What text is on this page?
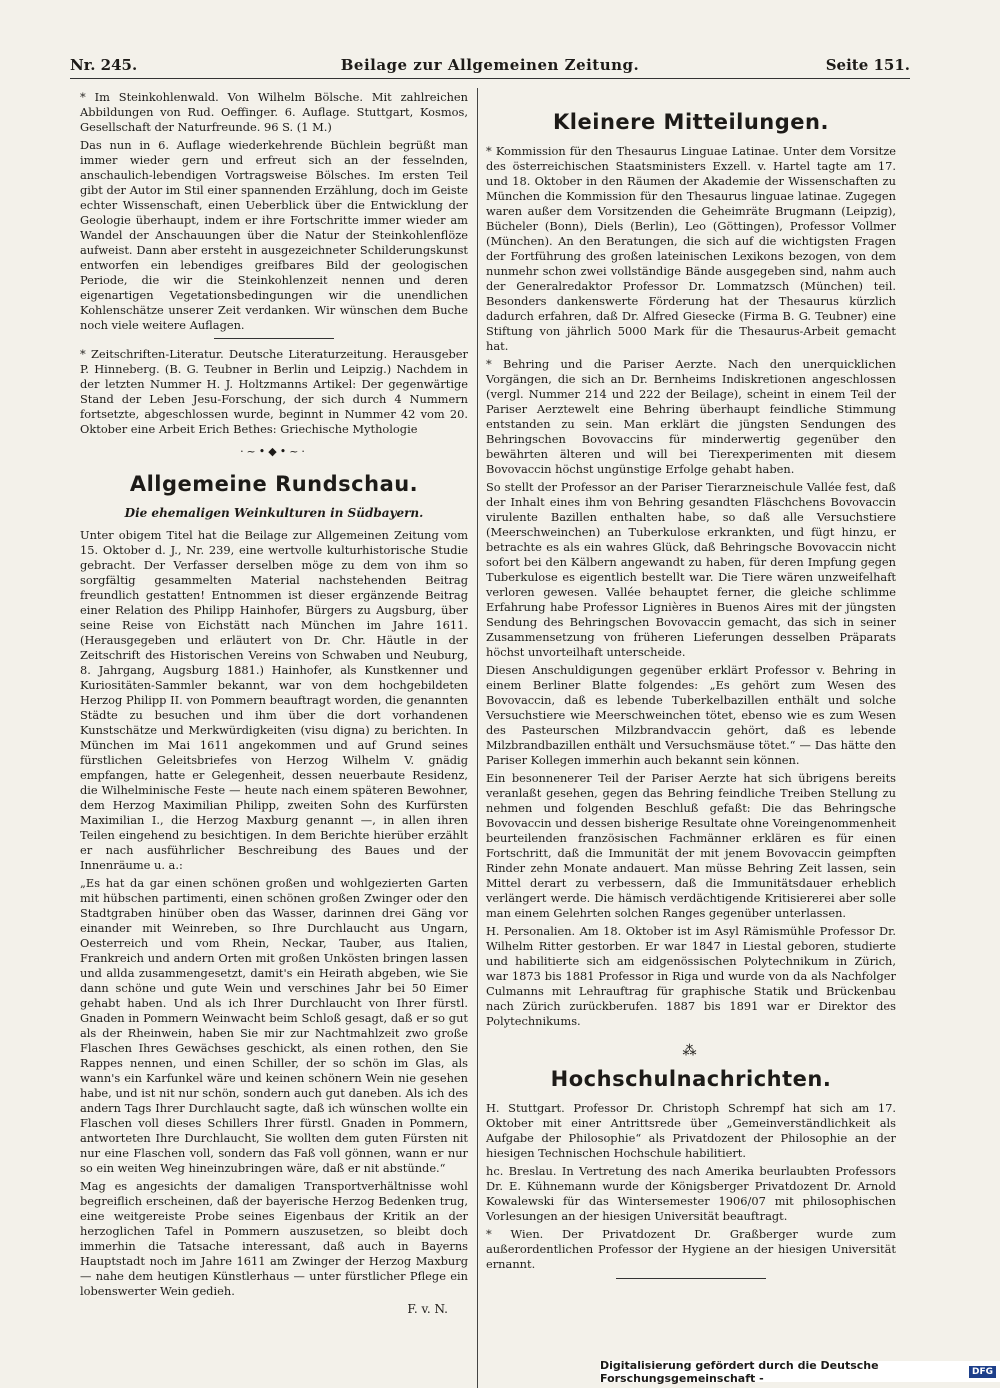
Nr. 245.	Beilage zur Allgemeinen Zeitung.	Seite 151.

* Im Steinkohlenwald. Von Wilhelm Bölsche. Mit zahlreichen Abbildungen von Rud. Oeffinger. 6. Auflage. Stuttgart, Kosmos, Gesellschaft der Naturfreunde. 96 S. (1 M.)

Das nun in 6. Auflage wiederkehrende Büchlein begrüßt man immer wieder gern und erfreut sich an der fesselnden, anschaulich-lebendigen Vortragsweise Bölsches. Im ersten Teil gibt der Autor im Stil einer spannenden Erzählung, doch im Geiste echter Wissenschaft, einen Ueberblick über die Entwicklung der Geologie überhaupt, indem er ihre Fortschritte immer wieder am Wandel der Anschauungen über die Natur der Steinkohlenflöze aufweist. Dann aber ersteht in ausgezeichneter Schilderungskunst entworfen ein lebendiges greifbares Bild der geologischen Periode, die wir die Steinkohlenzeit nennen und deren eigenartigen Vegetationsbedingungen wir die unendlichen Kohlenschätze unserer Zeit verdanken. Wir wünschen dem Buche noch viele weitere Auflagen.

* Zeitschriften-Literatur. Deutsche Literaturzeitung. Herausgeber P. Hinneberg. (B. G. Teubner in Berlin und Leipzig.) Nachdem in der letzten Nummer H. J. Holtzmanns Artikel: Der gegenwärtige Stand der Leben Jesu-Forschung, der sich durch 4 Nummern fortsetzte, abgeschlossen wurde, beginnt in Nummer 42 vom 20. Oktober eine Arbeit Erich Bethes: Griechische Mythologie

·~•◆•~·
Allgemeine Rundschau.
Die ehemaligen Weinkulturen in Südbayern.

Unter obigem Titel hat die Beilage zur Allgemeinen Zeitung vom 15. Oktober d. J., Nr. 239, eine wertvolle kulturhistorische Studie gebracht. Der Verfasser derselben möge zu dem von ihm so sorgfältig gesammelten Material nachstehenden Beitrag freundlich gestatten! Entnommen ist dieser ergänzende Beitrag einer Relation des Philipp Hainhofer, Bürgers zu Augsburg, über seine Reise von Eichstätt nach München im Jahre 1611. (Herausgegeben und erläutert von Dr. Chr. Häutle in der Zeitschrift des Historischen Vereins von Schwaben und Neuburg, 8. Jahrgang, Augsburg 1881.) Hainhofer, als Kunstkenner und Kuriositäten-Sammler bekannt, war von dem hochgebildeten Herzog Philipp II. von Pommern beauftragt worden, die genannten Städte zu besuchen und ihm über die dort vorhandenen Kunstschätze und Merkwürdigkeiten (visu digna) zu berichten. In München im Mai 1611 angekommen und auf Grund seines fürstlichen Geleitsbriefes von Herzog Wilhelm V. gnädig empfangen, hatte er Gelegenheit, dessen neuerbaute Residenz, die Wilhelminische Feste — heute nach einem späteren Bewohner, dem Herzog Maximilian Philipp, zweiten Sohn des Kurfürsten Maximilian I., die Herzog Maxburg genannt —, in allen ihren Teilen eingehend zu besichtigen. In dem Berichte hierüber erzählt er nach ausführlicher Beschreibung des Baues und der Innenräume u. a.:

„Es hat da gar einen schönen großen und wohlgezierten Garten mit hübschen partimenti, einen schönen großen Zwinger oder den Stadtgraben hinüber oben das Wasser, darinnen drei Gäng vor einander mit Weinreben, so Ihre Durchlaucht aus Ungarn, Oesterreich und vom Rhein, Neckar, Tauber, aus Italien, Frankreich und andern Orten mit großen Unkösten bringen lassen und allda zusammengesetzt, damit's ein Heirath abgeben, wie Sie dann schöne und gute Wein und verschines Jahr bei 50 Eimer gehabt haben. Und als ich Ihrer Durchlaucht von Ihrer fürstl. Gnaden in Pommern Weinwacht beim Schloß gesagt, daß er so gut als der Rheinwein, haben Sie mir zur Nachtmahlzeit zwo große Flaschen Ihres Gewächses geschickt, als einen rothen, den Sie Rappes nennen, und einen Schiller, der so schön im Glas, als wann's ein Karfunkel wäre und keinen schönern Wein nie gesehen habe, und ist nit nur schön, sondern auch gut daneben. Als ich des andern Tags Ihrer Durchlaucht sagte, daß ich wünschen wollte ein Flaschen voll dieses Schillers Ihrer fürstl. Gnaden in Pommern, antworteten Ihre Durchlaucht, Sie wollten dem guten Fürsten nit nur eine Flaschen voll, sondern das Faß voll gönnen, wann er nur so ein weiten Weg hineinzubringen wäre, daß er nit abstünde.“

Mag es angesichts der damaligen Transportverhältnisse wohl begreiflich erscheinen, daß der bayerische Herzog Bedenken trug, eine weitgereiste Probe seines Eigenbaus der Kritik an der herzoglichen Tafel in Pommern auszusetzen, so bleibt doch immerhin die Tatsache interessant, daß auch in Bayerns Hauptstadt noch im Jahre 1611 am Zwinger der Herzog Maxburg — nahe dem heutigen Künstlerhaus — unter fürstlicher Pflege ein lobenswerter Wein gedieh.

F. v. N.
Kleinere Mitteilungen.

* Kommission für den Thesaurus Linguae Latinae. Unter dem Vorsitze des österreichischen Staatsministers Exzell. v. Hartel tagte am 17. und 18. Oktober in den Räumen der Akademie der Wissenschaften zu München die Kommission für den Thesaurus linguae latinae. Zugegen waren außer dem Vorsitzenden die Geheimräte Brugmann (Leipzig), Bücheler (Bonn), Diels (Berlin), Leo (Göttingen), Professor Vollmer (München). An den Beratungen, die sich auf die wichtigsten Fragen der Fortführung des großen lateinischen Lexikons bezogen, von dem nunmehr schon zwei vollständige Bände ausgegeben sind, nahm auch der Generalredaktor Professor Dr. Lommatzsch (München) teil. Besonders dankenswerte Förderung hat der Thesaurus kürzlich dadurch erfahren, daß Dr. Alfred Giesecke (Firma B. G. Teubner) eine Stiftung von jährlich 5000 Mark für die Thesaurus-Arbeit gemacht hat.

* Behring und die Pariser Aerzte. Nach den unerquicklichen Vorgängen, die sich an Dr. Bernheims Indiskretionen angeschlossen (vergl. Nummer 214 und 222 der Beilage), scheint in einem Teil der Pariser Aerztewelt eine Behring überhaupt feindliche Stimmung entstanden zu sein. Man erklärt die jüngsten Sendungen des Behringschen Bovovaccins für minderwertig gegenüber den bewährten älteren und will bei Tierexperimenten mit diesem Bovovaccin höchst ungünstige Erfolge gehabt haben.

So stellt der Professor an der Pariser Tierarzneischule Vallée fest, daß der Inhalt eines ihm von Behring gesandten Fläschchens Bovovaccin virulente Bazillen enthalten habe, so daß alle Versuchstiere (Meerschweinchen) an Tuberkulose erkrankten, und fügt hinzu, er betrachte es als ein wahres Glück, daß Behringsche Bovovaccin nicht sofort bei den Kälbern angewandt zu haben, für deren Impfung gegen Tuberkulose es eigentlich bestellt war. Die Tiere wären unzweifelhaft verloren gewesen. Vallée behauptet ferner, die gleiche schlimme Erfahrung habe Professor Lignières in Buenos Aires mit der jüngsten Sendung des Behringschen Bovovaccin gemacht, das sich in seiner Zusammensetzung von früheren Lieferungen desselben Präparats höchst unvorteilhaft unterscheide.

Diesen Anschuldigungen gegenüber erklärt Professor v. Behring in einem Berliner Blatte folgendes: „Es gehört zum Wesen des Bovovaccin, daß es lebende Tuberkelbazillen enthält und solche Versuchstiere wie Meerschweinchen tötet, ebenso wie es zum Wesen des Pasteurschen Milzbrandvaccin gehört, daß es lebende Milzbrandbazillen enthält und Versuchsmäuse tötet.“ — Das hätte den Pariser Kollegen immerhin auch bekannt sein können.

Ein besonnenerer Teil der Pariser Aerzte hat sich übrigens bereits veranlaßt gesehen, gegen das Behring feindliche Treiben Stellung zu nehmen und folgenden Beschluß gefaßt: Die das Behringsche Bovovaccin und dessen bisherige Resultate ohne Voreingenommenheit beurteilenden französischen Fachmänner erklären es für einen Fortschritt, daß die Immunität der mit jenem Bovovaccin geimpften Rinder zehn Monate andauert. Man müsse Behring Zeit lassen, sein Mittel derart zu verbessern, daß die Immunitätsdauer erheblich verlängert werde. Die hämisch verdächtigende Kritisiererei aber solle man einem Gelehrten solchen Ranges gegenüber unterlassen.

H. Personalien. Am 18. Oktober ist im Asyl Rämismühle Professor Dr. Wilhelm Ritter gestorben. Er war 1847 in Liestal geboren, studierte und habilitierte sich am eidgenössischen Polytechnikum in Zürich, war 1873 bis 1881 Professor in Riga und wurde von da als Nachfolger Culmanns mit Lehrauftrag für graphische Statik und Brückenbau nach Zürich zurückberufen. 1887 bis 1891 war er Direktor des Polytechnikums.

⁂
Hochschulnachrichten.

H. Stuttgart. Professor Dr. Christoph Schrempf hat sich am 17. Oktober mit einer Antrittsrede über „Gemeinverständlichkeit als Aufgabe der Philosophie“ als Privatdozent der Philosophie an der hiesigen Technischen Hochschule habilitiert.

hc. Breslau. In Vertretung des nach Amerika beurlaubten Professors Dr. E. Kühnemann wurde der Königsberger Privatdozent Dr. Arnold Kowalewski für das Wintersemester 1906/07 mit philosophischen Vorlesungen an der hiesigen Universität beauftragt.

* Wien. Der Privatdozent Dr. Graßberger wurde zum außerordentlichen Professor der Hygiene an der hiesigen Universität ernannt.

Digitalisierung gefördert durch die Deutsche Forschungsgemeinschaft -	DFG
